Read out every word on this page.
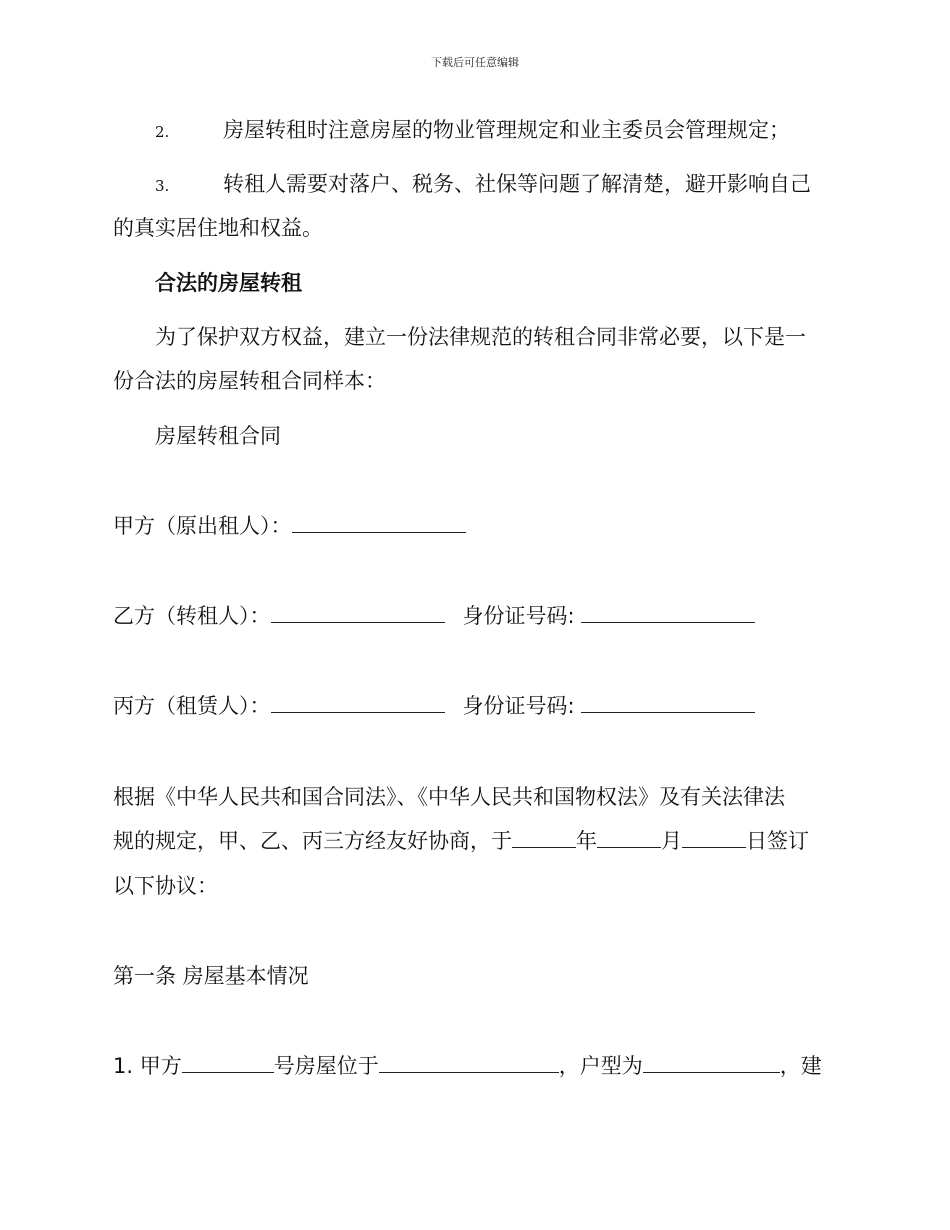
下载后可任意编辑
2.	房屋转租时注意房屋的物业管理规定和业主委员会管理规定；
3.	转租人需要对落户、税务、社保等问题了解清楚，避开影响自己
的真实居住地和权益。
合法的房屋转租
为了保护双方权益，建立一份法律规范的转租合同非常必要，以下是一
份合法的房屋转租合同样本：
房屋转租合同
甲方（原出租人）：
乙方（转租人）：	身份证号码:
丙方（租赁人）：	身份证号码:
根据《中华人民共和国合同法》、《中华人民共和国物权法》及有关法律法
规的规定，甲、乙、丙三方经友好协商，于	年	月	日签订
以下协议：
第一条 房屋基本情况
1. 甲方	号房屋位于	，户型为	，建
